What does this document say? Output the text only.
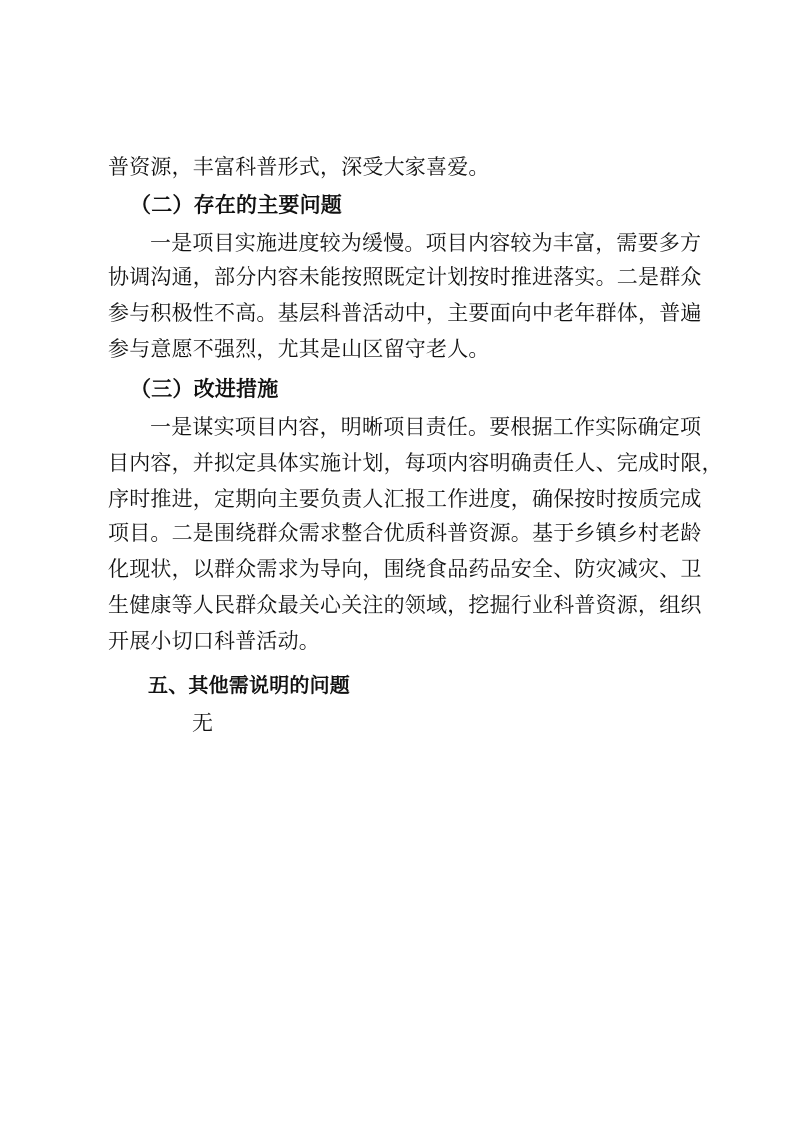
普资源，丰富科普形式，深受大家喜爱。
（二）存在的主要问题
一是项目实施进度较为缓慢。项目内容较为丰富，需要多方
协调沟通，部分内容未能按照既定计划按时推进落实。二是群众
参与积极性不高。基层科普活动中，主要面向中老年群体，普遍
参与意愿不强烈，尤其是山区留守老人。
（三）改进措施
一是谋实项目内容，明晰项目责任。要根据工作实际确定项
目内容，并拟定具体实施计划，每项内容明确责任人、完成时限，
序时推进，定期向主要负责人汇报工作进度，确保按时按质完成
项目。二是围绕群众需求整合优质科普资源。基于乡镇乡村老龄
化现状，以群众需求为导向，围绕食品药品安全、防灾减灾、卫
生健康等人民群众最关心关注的领域，挖掘行业科普资源，组织
开展小切口科普活动。
五、其他需说明的问题
无
